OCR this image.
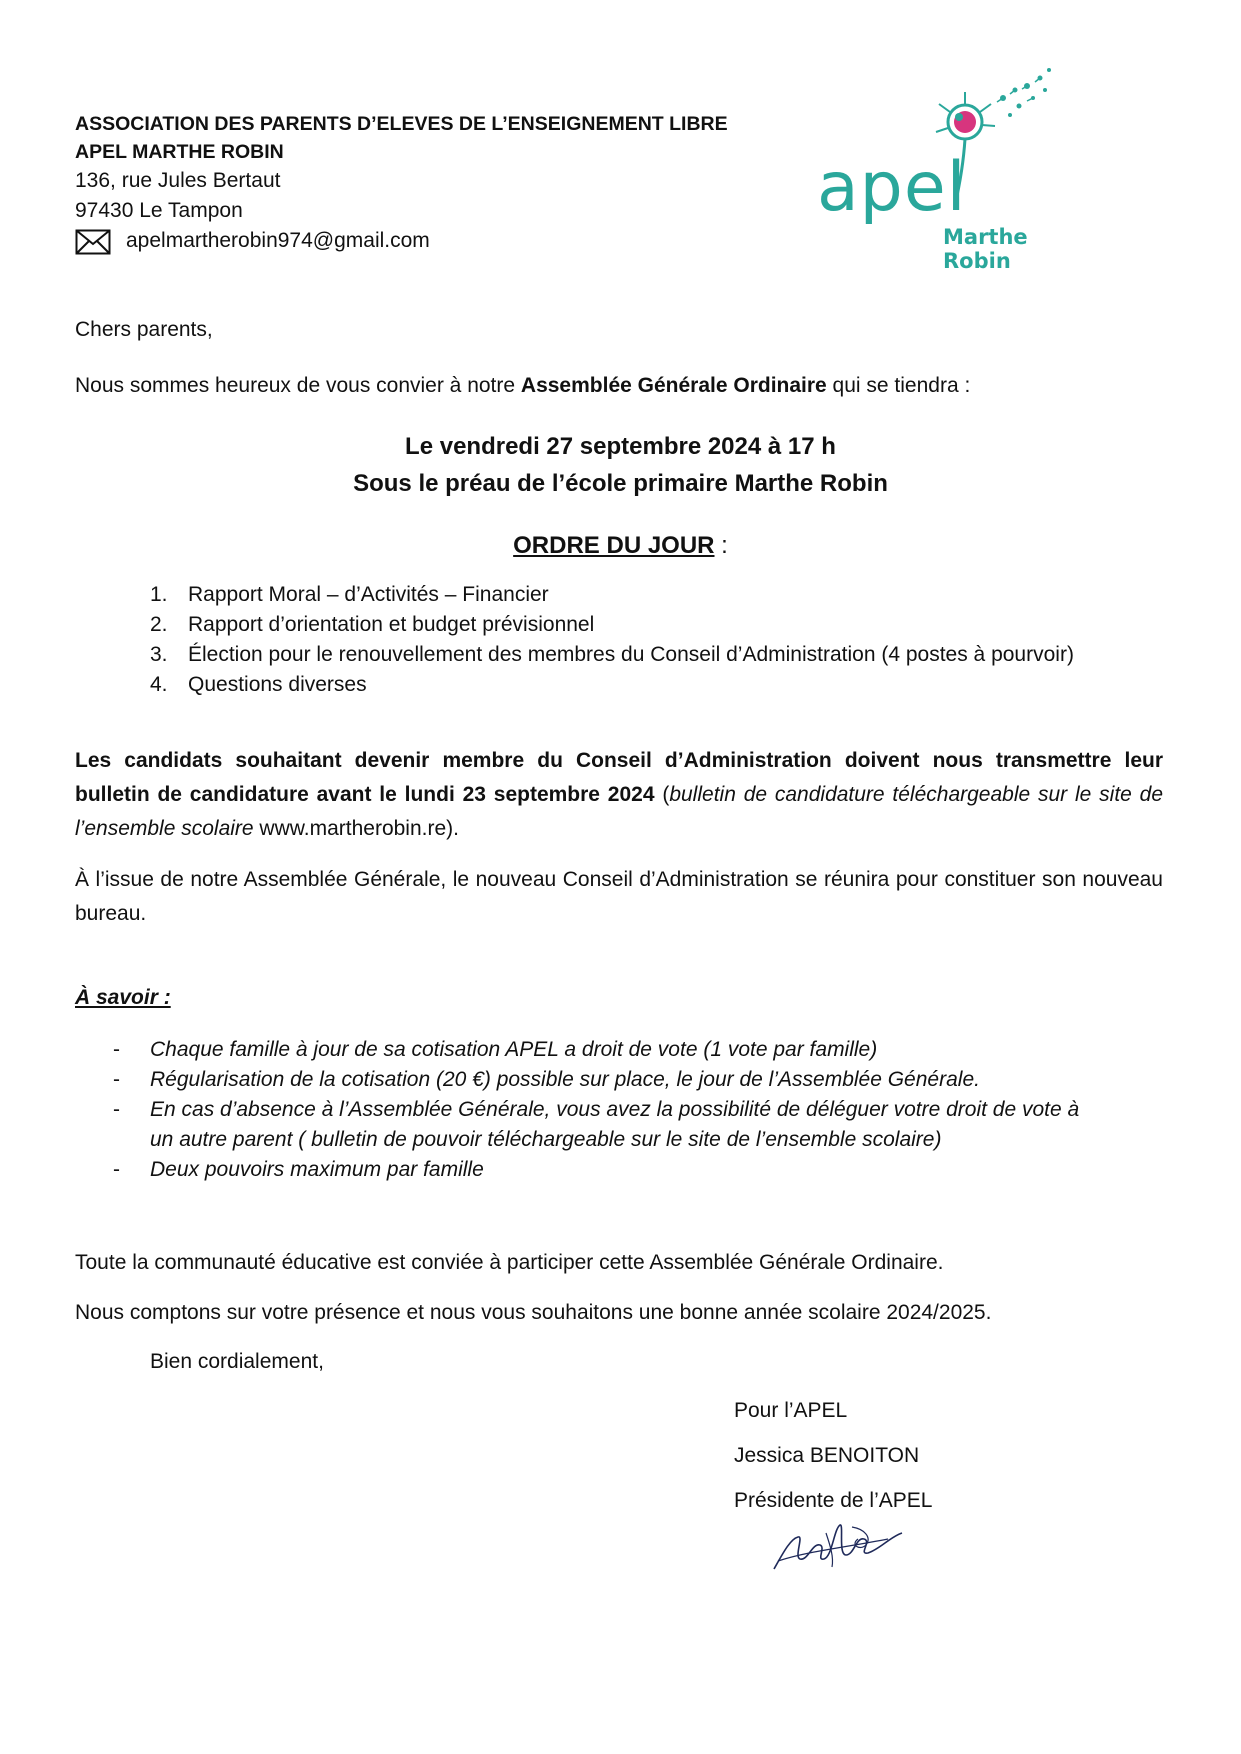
ASSOCIATION DES PARENTS D’ELEVES DE L’ENSEIGNEMENT LIBRE
APEL MARTHE ROBIN
136, rue Jules Bertaut
97430 Le Tampon
apelmartherobin974@gmail.com
apel
Marthe
Robin
Chers parents,
Nous sommes heureux de vous convier à notre Assemblée Générale Ordinaire qui se tiendra :
Le vendredi 27 septembre 2024 à 17 h
Sous le préau de l’école primaire Marthe Robin
ORDRE DU JOUR :
1. Rapport Moral – d’Activités – Financier
2. Rapport d’orientation et budget prévisionnel
3. Élection pour le renouvellement des membres du Conseil d’Administration (4 postes à pourvoir)
4. Questions diverses
Les candidats souhaitant devenir membre du Conseil d’Administration doivent nous transmettre leur bulletin de candidature avant le lundi 23 septembre 2024 (bulletin de candidature téléchargeable sur le site de l’ensemble scolaire www.martherobin.re).
À l’issue de notre Assemblée Générale, le nouveau Conseil d’Administration se réunira pour constituer son nouveau bureau.
À savoir :
- Chaque famille à jour de sa cotisation APEL a droit de vote (1 vote par famille)
- Régularisation de la cotisation (20 €) possible sur place, le jour de l’Assemblée Générale.
- En cas d’absence à l’Assemblée Générale, vous avez la possibilité de déléguer votre droit de vote à
un autre parent ( bulletin de pouvoir téléchargeable sur le site de l’ensemble scolaire)
- Deux pouvoirs maximum par famille
Toute la communauté éducative est conviée à participer cette Assemblée Générale Ordinaire.
Nous comptons sur votre présence et nous vous souhaitons une bonne année scolaire 2024/2025.
Bien cordialement,
Pour l’APEL
Jessica BENOITON
Présidente de l’APEL
